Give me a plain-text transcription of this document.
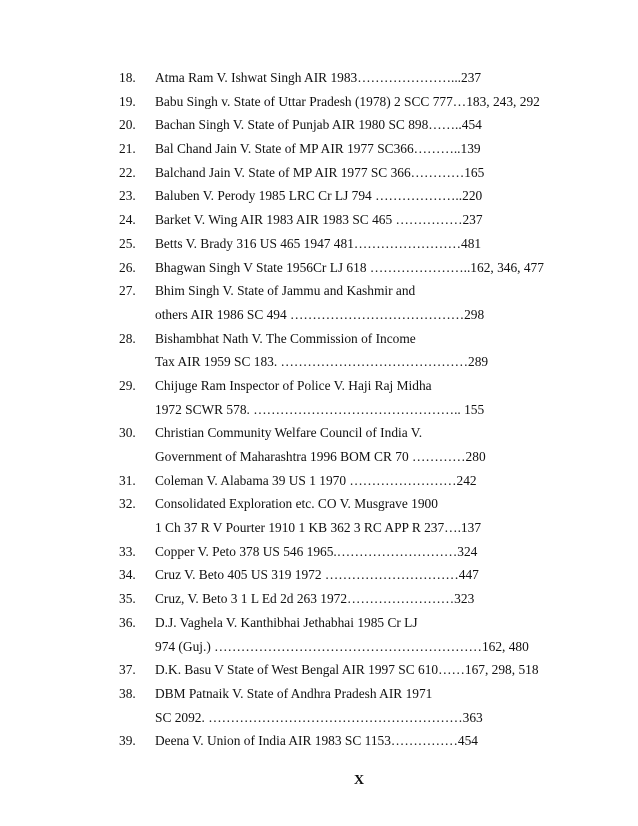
18. Atma Ram V. Ishwat Singh AIR 1983…………………...237
19. Babu Singh v. State of Uttar Pradesh (1978) 2 SCC 777…183, 243, 292
20. Bachan Singh V. State of Punjab AIR 1980 SC 898……..454
21. Bal Chand Jain V. State of MP AIR 1977 SC366………..139
22. Balchand Jain V. State of MP AIR 1977 SC 366…………165
23. Baluben V. Perody 1985 LRC Cr LJ 794 ………………..220
24. Barket V. Wing AIR 1983 AIR 1983 SC 465 ……………237
25. Betts V. Brady 316 US 465 1947 481……………………481
26. Bhagwan Singh V State 1956Cr LJ 618 …………………..162, 346, 477
27. Bhim Singh V. State of Jammu and Kashmir and
others AIR 1986 SC 494 …………………………………298
28. Bishambhat Nath V. The Commission of Income
Tax AIR 1959 SC 183. ……………………………………289
29. Chijuge Ram Inspector of Police V. Haji Raj Midha
1972 SCWR 578. ……………………………………….. 155
30. Christian Community Welfare Council of India V.
Government of Maharashtra 1996 BOM CR 70 …………280
31. Coleman V. Alabama 39 US 1 1970 ……………………242
32. Consolidated Exploration etc. CO V. Musgrave 1900
1 Ch 37 R V Pourter 1910 1 KB 362 3 RC APP R 237….137
33. Copper V. Peto 378 US 546 1965.………………………324
34. Cruz V. Beto 405 US 319 1972 …………………………447
35. Cruz, V. Beto 3 1 L Ed 2d 263 1972……………………323
36. D.J. Vaghela V. Kanthibhai Jethabhai 1985 Cr LJ
974 (Guj.) ……………………………………………………162, 480
37. D.K. Basu V State of West Bengal AIR 1997 SC 610……167, 298, 518
38. DBM Patnaik V. State of Andhra Pradesh AIR 1971
SC 2092. …………………………………………………363
39. Deena V. Union of India AIR 1983 SC 1153……………454
X
